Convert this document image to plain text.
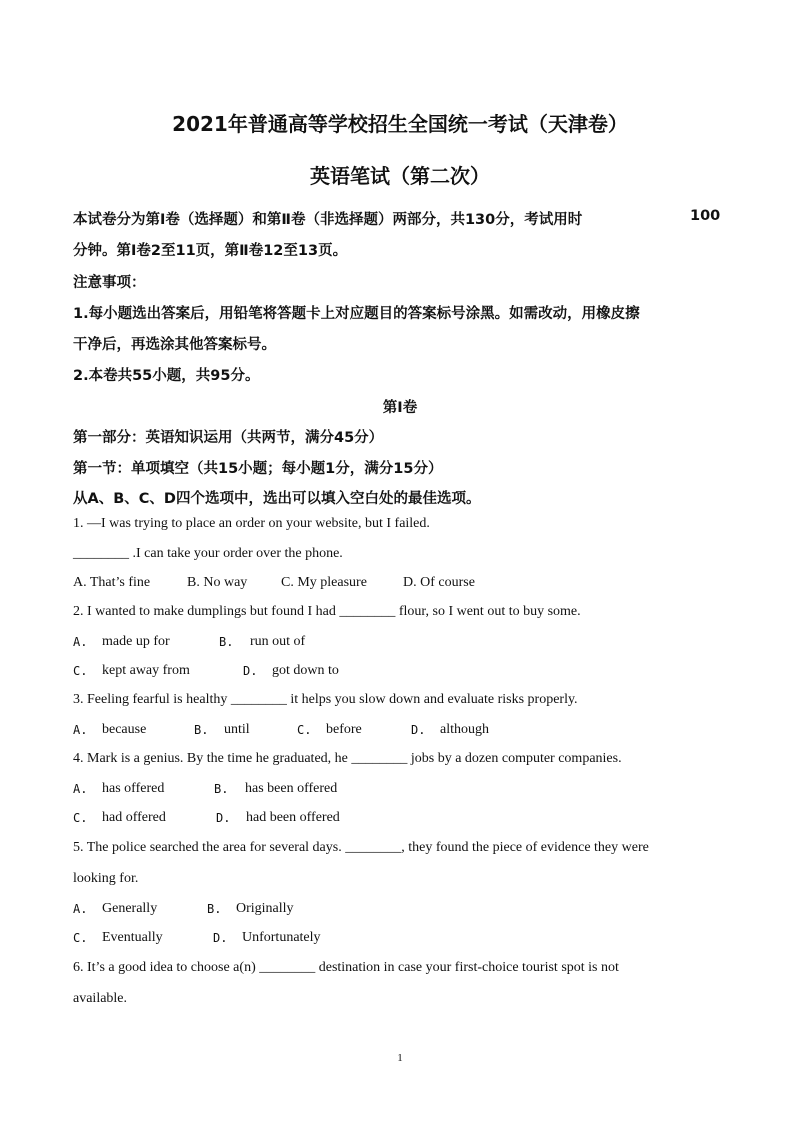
2021年普通高等学校招生全国统一考试（天津卷）
英语笔试（第二次）
本试卷分为第Ⅰ卷（选择题）和第Ⅱ卷（非选择题）两部分，共130分，考试用时	100
分钟。第Ⅰ卷2至11页，第Ⅱ卷12至13页。
注意事项：
1.每小题选出答案后，用铅笔将答题卡上对应题目的答案标号涂黑。如需改动，用橡皮擦
干净后，再选涂其他答案标号。
2.本卷共55小题，共95分。
第Ⅰ卷
第一部分：英语知识运用（共两节，满分45分）
第一节：单项填空（共15小题；每小题1分，满分15分）
从A、B、C、D四个选项中，选出可以填入空白处的最佳选项。
1. —I was trying to place an order on your website, but I failed.
________ .I can take your order over the phone.
A. That’s fine	B. No way C. My pleasure	D. Of course
2. I wanted to make dumplings but found I had ________ flour, so I went out to buy some.
A. made up for	B. run out of
C. kept away from	D. got down to
3. Feeling fearful is healthy ________ it helps you slow down and evaluate risks properly.
A. because	B. until	C. before	D. although
4. Mark is a genius. By the time he graduated, he ________ jobs by a dozen computer companies.
A. has offered	B. has been offered
C. had offered	D. had been offered
5. The police searched the area for several days. ________, they found the piece of evidence they were
looking for.
A. Generally	B. Originally
C. Eventually	D. Unfortunately
6. It’s a good idea to choose a(n) ________ destination in case your first-choice tourist spot is not
available.
1
